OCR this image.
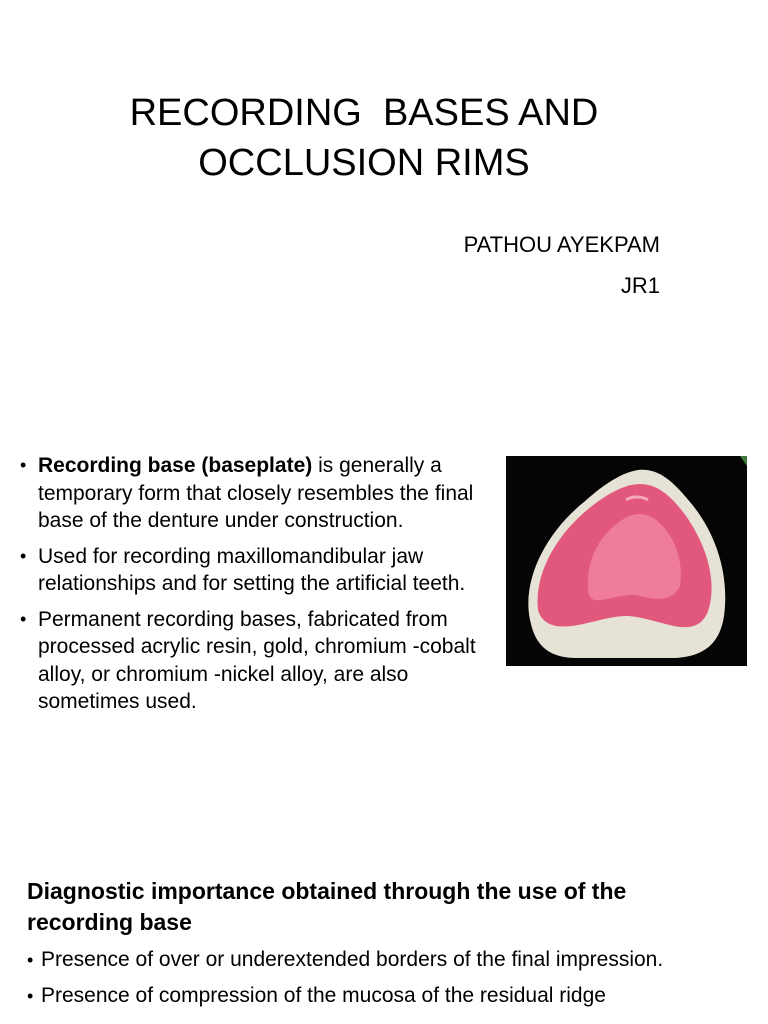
RECORDING  BASES AND
OCCLUSION RIMS
PATHOU AYEKPAM
JR1
• Recording base (baseplate) is generally a temporary form that closely resembles the final base of the denture under construction.
• Used for recording maxillomandibular jaw relationships and for setting the artificial teeth.
• Permanent recording bases, fabricated from processed acrylic resin, gold, chromium -cobalt alloy, or chromium -nickel alloy, are also sometimes used.
Diagnostic importance obtained through the use of the recording base
• Presence of over or underextended borders of the final impression.
• Presence of compression of the mucosa of the residual ridge
